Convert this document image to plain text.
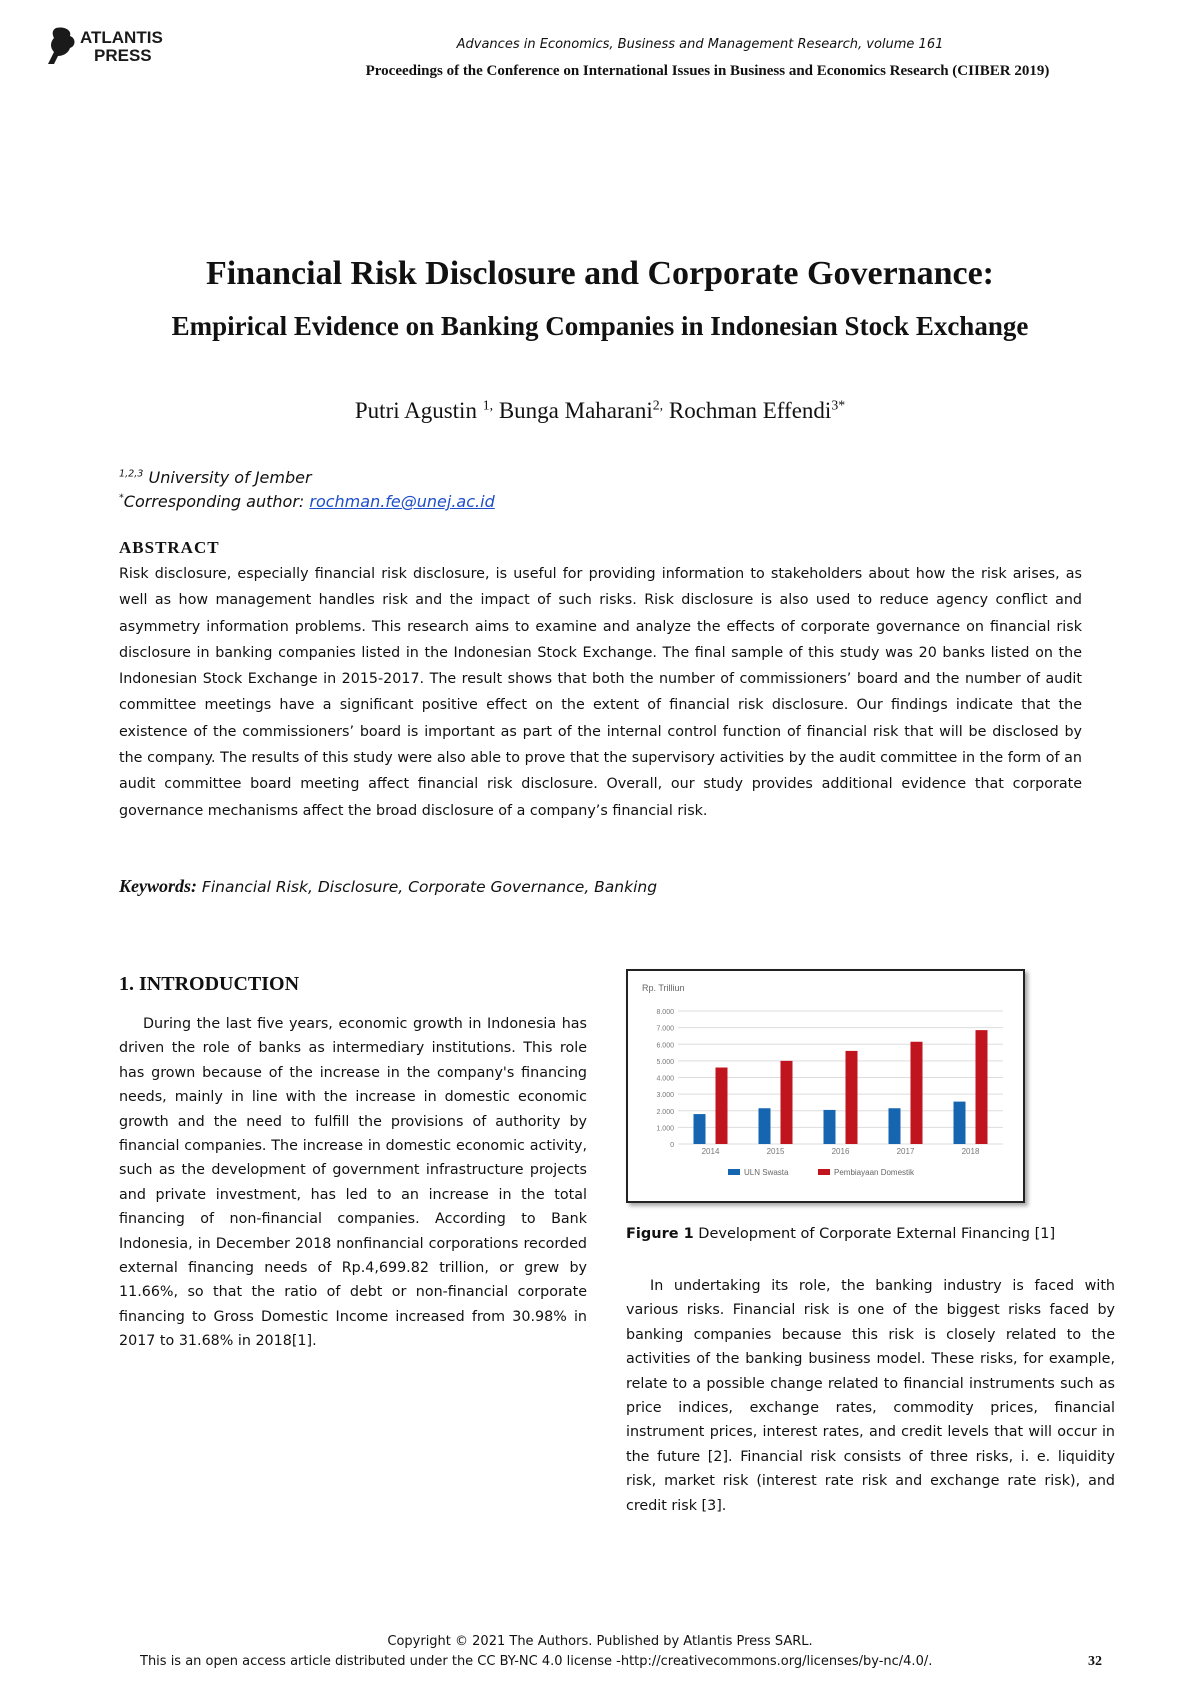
ATLANTIS
PRESS
Advances in Economics, Business and Management Research, volume 161
Proceedings of the Conference on International Issues in Business and Economics Research (CIIBER 2019)
Financial Risk Disclosure and Corporate Governance:
Empirical Evidence on Banking Companies in Indonesian Stock Exchange
Putri Agustin $^{1,}$ Bunga Maharani$^{2,}$ Rochman Effendi$^{3*}$
$^{1,2,3}$ University of Jember
*Corresponding author: rochman.fe@unej.ac.id
ABSTRACT
Risk disclosure, especially financial risk disclosure, is useful for providing information to stakeholders about how the risk arises, as well as how management handles risk and the impact of such risks. Risk disclosure is also used to reduce agency conflict and asymmetry information problems. This research aims to examine and analyze the effects of corporate governance on financial risk disclosure in banking companies listed in the Indonesian Stock Exchange. The final sample of this study was 20 banks listed on the Indonesian Stock Exchange in 2015-2017. The result shows that both the number of commissioners’ board and the number of audit committee meetings have a significant positive effect on the extent of financial risk disclosure. Our findings indicate that the existence of the commissioners’ board is important as part of the internal control function of financial risk that will be disclosed by the company. The results of this study were also able to prove that the supervisory activities by the audit committee in the form of an audit committee board meeting affect financial risk disclosure. Overall, our study provides additional evidence that corporate governance mechanisms affect the broad disclosure of a company’s financial risk.
Keywords: Financial Risk, Disclosure, Corporate Governance, Banking
1. INTRODUCTION
During the last five years, economic growth in Indonesia has driven the role of banks as intermediary institutions. This role has grown because of the increase in the company's financing needs, mainly in line with the increase in domestic economic growth and the need to fulfill the provisions of authority by financial companies. The increase in domestic economic activity, such as the development of government infrastructure projects and private investment, has led to an increase in the total financing of non-financial companies. According to Bank Indonesia, in December 2018 nonfinancial corporations recorded external financing needs of Rp.4,699.82 trillion, or grew by 11.66%, so that the ratio of debt or non-financial corporate financing to Gross Domestic Income increased from 30.98% in 2017 to 31.68% in 2018[1].
Rp. Trilliun
0
1.000
2.000
3.000
4.000
5.000
6.000
7.000
8.000
2014	2015	2016	2017	2018
ULN Swasta	Pembiayaan Domestik
Figure 1 Development of Corporate External Financing [1]
In undertaking its role, the banking industry is faced with various risks. Financial risk is one of the biggest risks faced by banking companies because this risk is closely related to the activities of the banking business model. These risks, for example, relate to a possible change related to financial instruments such as price indices, exchange rates, commodity prices, financial instrument prices, interest rates, and credit levels that will occur in the future [2]. Financial risk consists of three risks, i. e. liquidity risk, market risk (interest rate risk and exchange rate risk), and credit risk [3].
Copyright © 2021 The Authors. Published by Atlantis Press SARL.
This is an open access article distributed under the CC BY-NC 4.0 license -http://creativecommons.org/licenses/by-nc/4.0/.	32
